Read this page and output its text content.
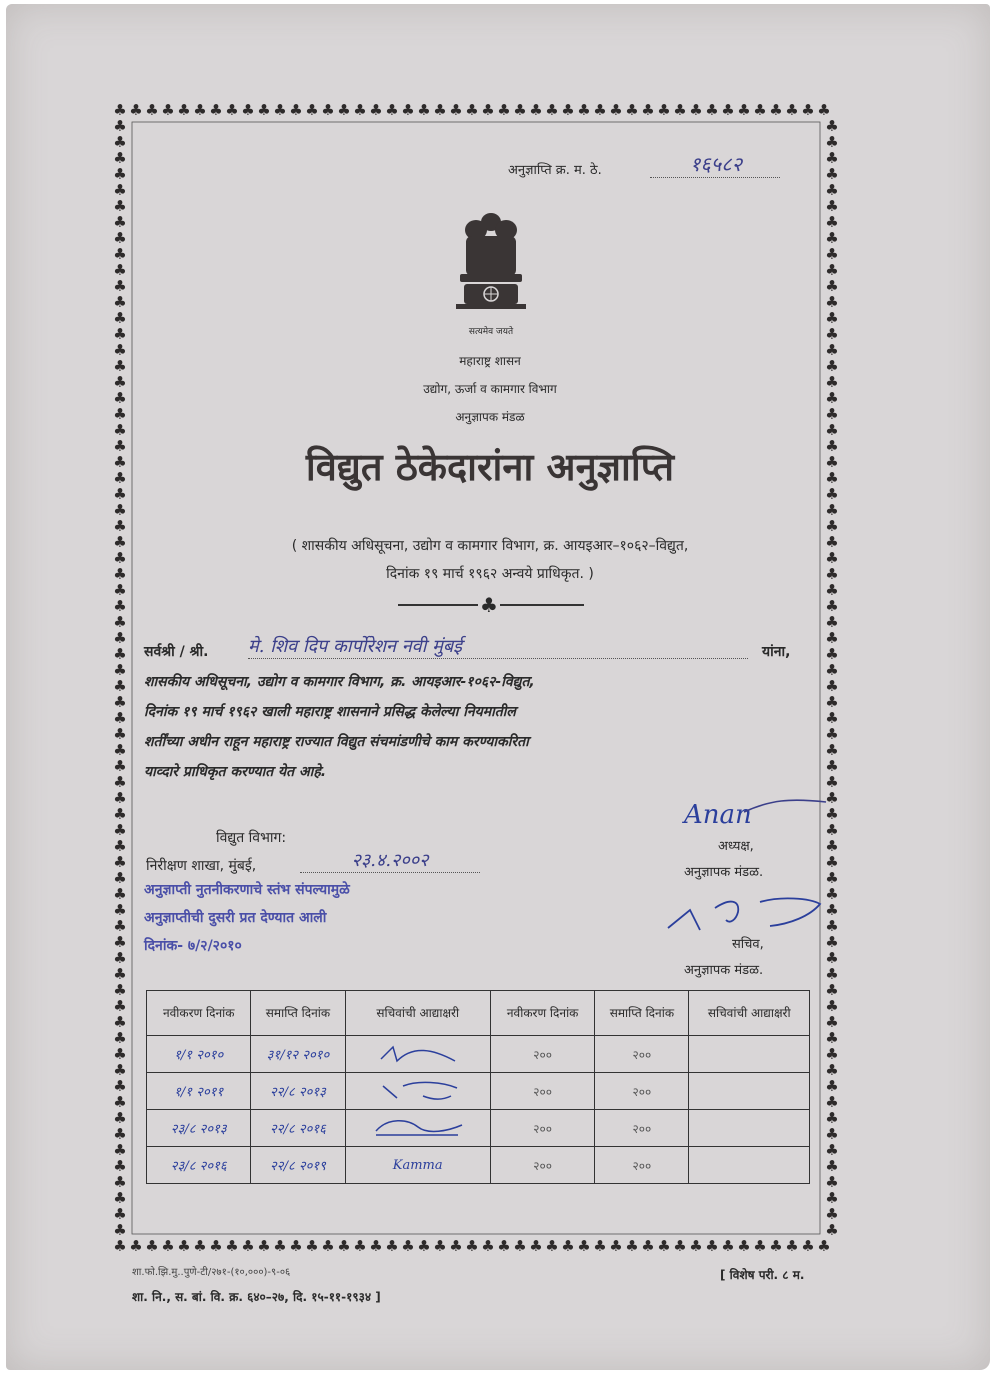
♣
♣
♣
♣
♣
♣
♣
♣
♣
♣
♣
♣
♣
♣
♣
♣
♣
♣
♣
♣
♣
♣
♣
♣
♣
♣
♣
♣
♣
♣
♣
♣
♣
♣
♣
♣
♣
♣
♣
♣
♣
♣
♣
♣
♣
♣
♣
♣
♣
♣
♣
♣
♣
♣
♣
♣
♣
♣
♣
♣
♣
♣
♣
♣
♣
♣
♣
♣
♣
♣
♣
♣
♣
♣
♣
♣
♣
♣
♣
♣
♣
♣
♣
♣
♣
♣
♣
♣
♣
♣
♣	♣
♣	♣
♣	♣
♣	♣
♣	♣
♣	♣
♣	♣
♣	♣
♣	♣
♣	♣
♣	♣
♣	♣
♣	♣
♣	♣
♣	♣
♣	♣
♣	♣
♣	♣
♣	♣
♣	♣
♣	♣
♣	♣
♣	♣
♣	♣
♣	♣
♣	♣
♣	♣
♣	♣
♣	♣
♣	♣
♣	♣
♣	♣
♣	♣
♣	♣
♣	♣
♣	♣
♣	♣
♣	♣
♣	♣
♣	♣
♣	♣
♣	♣
♣	♣
♣	♣
♣	♣
♣	♣
♣	♣
♣	♣
♣	♣
♣	♣
♣	♣
♣	♣
♣	♣
♣	♣
♣	♣
♣	♣
♣	♣
♣	♣
♣	♣
♣	♣
♣	♣
♣	♣
♣	♣
♣	♣
♣	♣
♣	♣
♣	♣
♣	♣
♣	♣
♣	♣
अनुज्ञाप्ति क्र. म. ठे.	१६५८२
सत्यमेव जयते
महाराष्ट्र शासन
उद्योग, ऊर्जा व कामगार विभाग
अनुज्ञापक मंडळ
विद्युत ठेकेदारांना अनुज्ञाप्ति
( शासकीय अधिसूचना, उद्योग व कामगार विभाग, क्र. आयइआर–१०६२–विद्युत,
दिनांक १९ मार्च १९६२ अन्वये प्राधिकृत. )
♣
सर्वश्री / श्री. मे. शिव दिप कार्पोरेशन नवी मुंबई	यांना,
शासकीय अधिसूचना, उद्योग व कामगार विभाग, क्र. आयइआर-१०६२-विद्युत,
दिनांक १९ मार्च १९६२ खाली महाराष्ट्र शासनाने प्रसिद्ध केलेल्या नियमातील
शर्तींच्या अधीन राहून महाराष्ट्र राज्यात विद्युत संचमांडणीचे काम करण्याकरिता
याव्दारे प्राधिकृत करण्यात येत आहे.
विद्युत विभाग:
निरीक्षण शाखा, मुंबई,	२३.४.२००२
अनुज्ञाप्ती नुतनीकरणाचे स्तंभ संपल्यामुळे
अनुज्ञाप्तीची दुसरी प्रत देण्यात आली
दिनांक- ७/२/२०१०
Anan
अध्यक्ष,
अनुज्ञापक मंडळ.
सचिव,
अनुज्ञापक मंडळ.
नवीकरण दिनांक	समाप्ति दिनांक	सचिवांची आद्याक्षरी	नवीकरण दिनांक	समाप्ति दिनांक	सचिवांची आद्याक्षरी
१/१ २०१०	३१/१२ २०१०		२००	२००	
१/१ २०११	२२/८ २०१३		२००	२००	
२३/८ २०१३	२२/८ २०१६		२००	२००	
२३/८ २०१६	२२/८ २०१९	Kamma	२००	२००	
शा.फो.झि.मु..पुणे-टी/२७१-(१०,०००)-९-०६	[ विशेष परी. ८ म.
शा. नि., स. बां. वि. क्र. ६४०–२७, दि. १५-११-१९३४ ]
